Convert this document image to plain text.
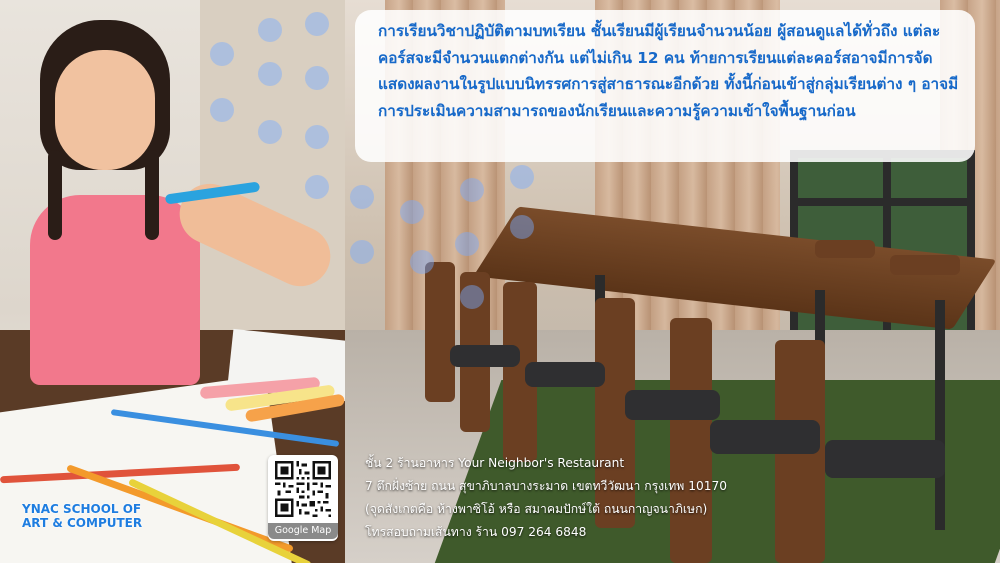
การเรียนวิชาปฏิบัติตามบทเรียน ชั้นเรียนมีผู้เรียนจำนวนน้อย ผู้สอนดูแลได้ทั่วถึง แต่ละคอร์สจะมีจำนวนแตกต่างกัน แต่ไม่เกิน 12 คน ท้ายการเรียนแต่ละคอร์สอาจมีการจัดแสดงผลงานในรูปแบบนิทรรศการสู่สาธารณะอีกด้วย ทั้งนี้ก่อนเข้าสู่กลุ่มเรียนต่าง ๆ อาจมีการประเมินความสามารถของนักเรียนและความรู้ความเข้าใจพื้นฐานก่อน

YNAC SCHOOL OF
ART & COMPUTER
Google Map
ชั้น 2 ร้านอาหาร Your Neighbor's Restaurant
7 ตึกฝั่งซ้าย ถนน สุขาภิบาลบางระมาด เขตทวีวัฒนา กรุงเทพ 10170
(จุดสังเกตคือ ห้างพาซิโอ้ หรือ สมาคมปักษ์ใต้ ถนนกาญจนาภิเษก)
โทรสอบถามเส้นทาง ร้าน 097 264 6848
